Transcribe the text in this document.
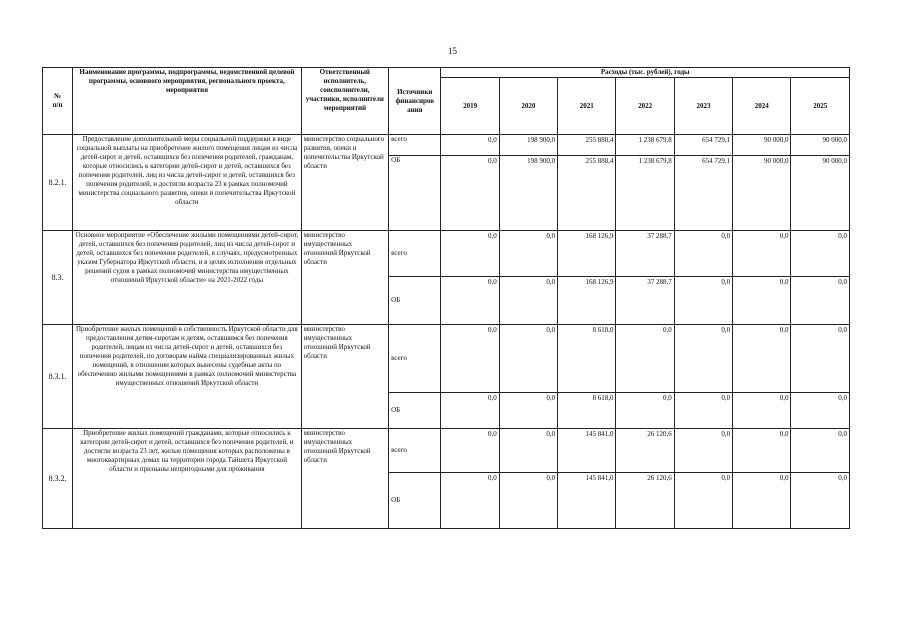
15
№
п/п	Наименование программы, подпрограммы, ведомственной целевой программы, основного мероприятия, регионального проекта, мероприятия	Ответственный исполнитель, соисполнители, участники, исполнители мероприятий	Источники финансиров ания	Расходы (тыс. рублей), годы						
				2019	2020	2021	2022	2023	2024	2025
8.2.1.	Предоставление дополнительной меры социальной поддержки в виде социальной выплаты на приобретение жилого помещения лицам из числа детей-сирот и детей, оставшихся без попечения родителей, гражданам, которые относились к категории детей-сирот и детей, оставшихся без попечения родителей, лиц из числа детей-сирот и детей, оставшихся без попечения родителей, и достигли возраста 23 в рамках полномочий министерства социального развития, опеки и попечительства Иркутской области	министерство социального развития, опеки и попечительства Иркутской области	всего	0,0	198 900,0	255 888,4	1 238 679,8	654 729,1	90 000,0	90 000,0
			ОБ	0,0	198 900,0	255 888,4	1 238 679,8	654 729,1	90 000,0	90 000,0
8.3.	Основное мероприятие «Обеспечение жилыми помещениями детей-сирот, детей, оставшихся без попечения родителей, лиц из числа детей-сирот и детей, оставшихся без попечения родителей, в случаях, предусмотренных указом Губернатора Иркутской области, и в целях исполнения отдельных решений судов в рамках полномочий министерства имущественных отношений Иркутской области» на 2021-2022 годы	министерство имущественных отношений Иркутской области	всего	0,0	0,0	168 126,9	37 288,7	0,0	0,0	0,0
			ОБ	0,0	0,0	168 126,9	37 288,7	0,0	0,0	0,0
8.3.1.	Приобретение жилых помещений в собственность Иркутской области для предоставления детям-сиротам и детям, оставшимся без попечения родителей, лицам из числа детей-сирот и детей, оставшихся без попечения родителей, по договорам найма специализированных жилых помещений, в отношении которых вынесены судебные акты по обеспечению жилыми помещениями в рамках полномочий министерства имущественных отношений Иркутской области	министерство имущественных отношений Иркутской области	всего	0,0	0,0	8 618,0	0,0	0,0	0,0	0,0
			ОБ	0,0	0,0	8 618,0	0,0	0,0	0,0	0,0
8.3.2.	Приобретение жилых помещений гражданами, которые относились к категории детей-сирот и детей, оставшихся без попечения родителей, и достигли возраста 23 лет, жилые помещения которых расположены в многоквартирных домах на территории города Тайшета Иркутской области и признаны непригодными для проживания	министерство имущественных отношений Иркутской области	всего	0,0	0,0	145 841,0	26 120,6	0,0	0,0	0,0
			ОБ	0,0	0,0	145 841,0	26 120,6	0,0	0,0	0,0
